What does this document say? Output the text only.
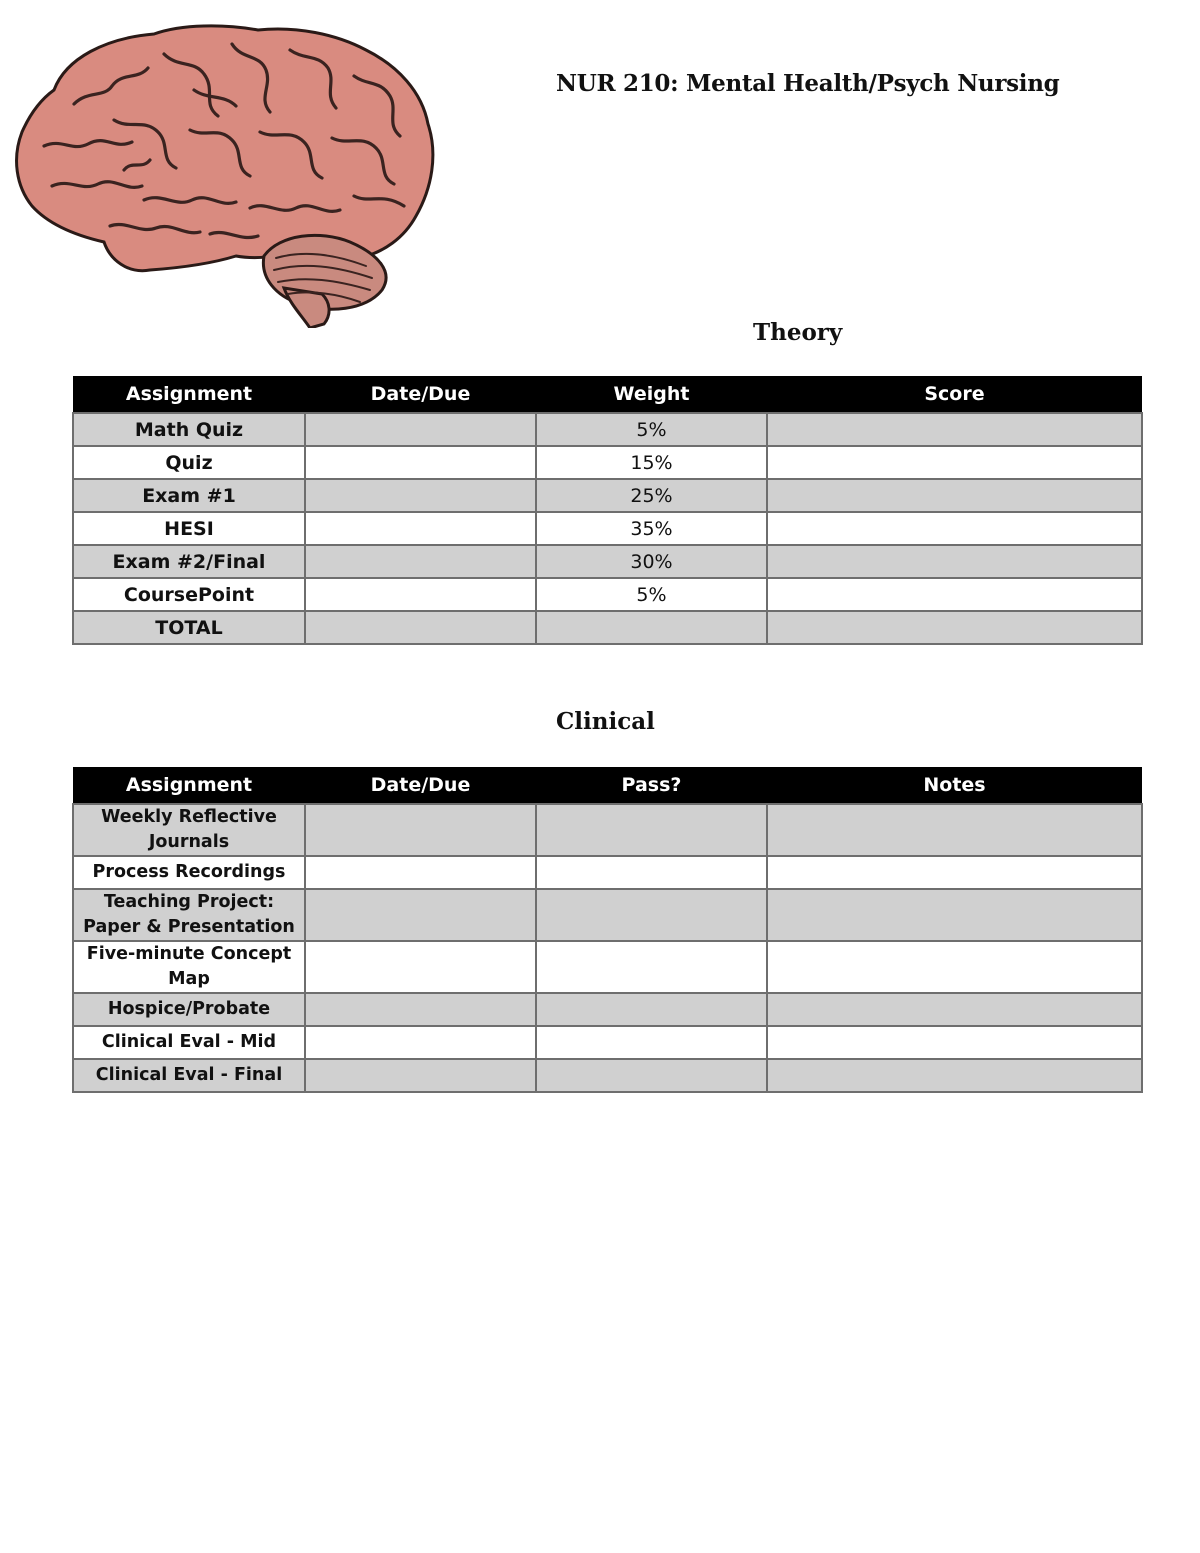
NUR 210: Mental Health/Psych Nursing
Theory
Assignment	Date/Due	Weight	Score
Math Quiz		5%	
Quiz		15%	
Exam #1		25%	
HESI		35%	
Exam #2/Final		30%	
CoursePoint		5%	
TOTAL			
Clinical
Assignment	Date/Due	Pass?	Notes
Weekly Reflective Journals			
Process Recordings			
Teaching Project: Paper & Presentation			
Five-minute Concept Map			
Hospice/Probate			
Clinical Eval - Mid			
Clinical Eval - Final			
